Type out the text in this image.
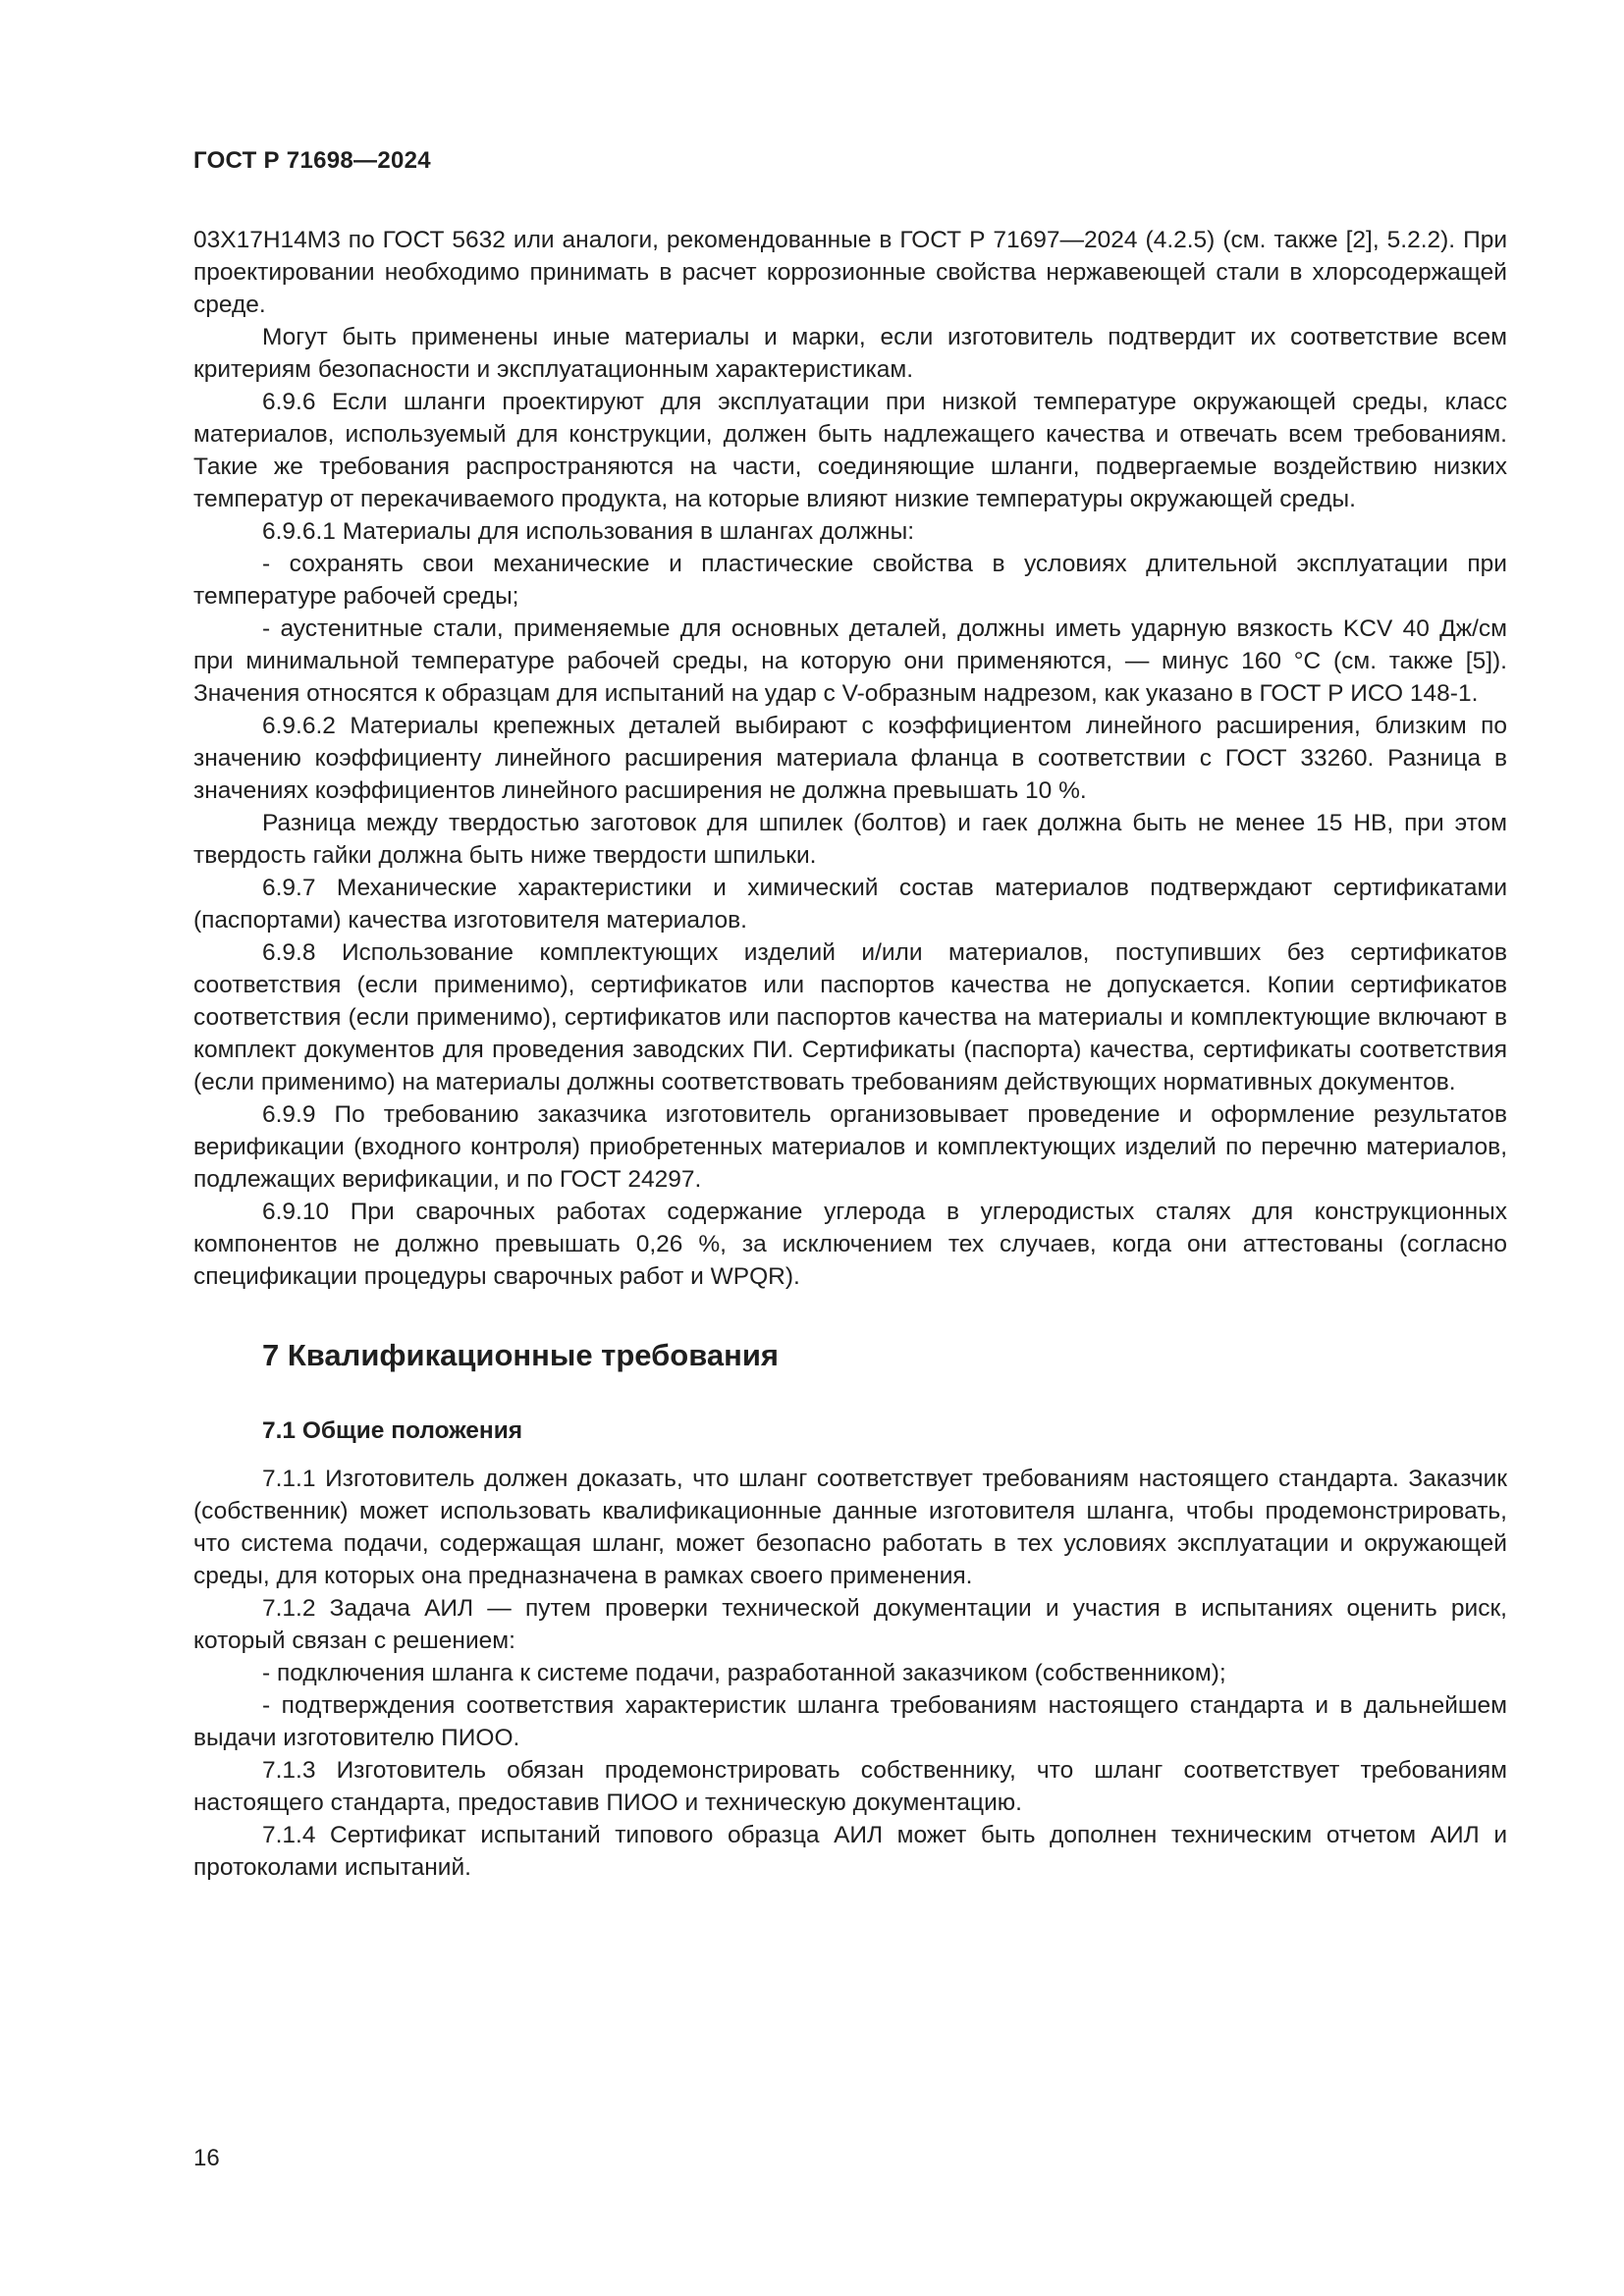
ГОСТ Р 71698—2024

03Х17Н14М3 по ГОСТ 5632 или аналоги, рекомендованные в ГОСТ Р 71697—2024 (4.2.5) (см. также [2], 5.2.2). При проектировании необходимо принимать в расчет коррозионные свойства нержавеющей стали в хлорсодержащей среде.

Могут быть применены иные материалы и марки, если изготовитель подтвердит их соответствие всем критериям безопасности и эксплуатационным характеристикам.

6.9.6 Если шланги проектируют для эксплуатации при низкой температуре окружающей среды, класс материалов, используемый для конструкции, должен быть надлежащего качества и отвечать всем требованиям. Такие же требования распространяются на части, соединяющие шланги, подвергаемые воздействию низких температур от перекачиваемого продукта, на которые влияют низкие температуры окружающей среды.

6.9.6.1 Материалы для использования в шлангах должны:

- сохранять свои механические и пластические свойства в условиях длительной эксплуатации при температуре рабочей среды;

- аустенитные стали, применяемые для основных деталей, должны иметь ударную вязкость KCV 40 Дж/см при минимальной температуре рабочей среды, на которую они применяются, — минус 160 °С (см. также [5]). Значения относятся к образцам для испытаний на удар с V-образным надрезом, как указано в ГОСТ Р ИСО 148-1.

6.9.6.2 Материалы крепежных деталей выбирают с коэффициентом линейного расширения, близким по значению коэффициенту линейного расширения материала фланца в соответствии с ГОСТ 33260. Разница в значениях коэффициентов линейного расширения не должна превышать 10 %.

Разница между твердостью заготовок для шпилек (болтов) и гаек должна быть не менее 15 НВ, при этом твердость гайки должна быть ниже твердости шпильки.

6.9.7 Механические характеристики и химический состав материалов подтверждают сертификатами (паспортами) качества изготовителя материалов.

6.9.8 Использование комплектующих изделий и/или материалов, поступивших без сертификатов соответствия (если применимо), сертификатов или паспортов качества не допускается. Копии сертификатов соответствия (если применимо), сертификатов или паспортов качества на материалы и комплектующие включают в комплект документов для проведения заводских ПИ. Сертификаты (паспорта) качества, сертификаты соответствия (если применимо) на материалы должны соответствовать требованиям действующих нормативных документов.

6.9.9 По требованию заказчика изготовитель организовывает проведение и оформление результатов верификации (входного контроля) приобретенных материалов и комплектующих изделий по перечню материалов, подлежащих верификации, и по ГОСТ 24297.

6.9.10 При сварочных работах содержание углерода в углеродистых сталях для конструкционных компонентов не должно превышать 0,26 %, за исключением тех случаев, когда они аттестованы (согласно спецификации процедуры сварочных работ и WPQR).

7 Квалификационные требования
7.1 Общие положения

7.1.1 Изготовитель должен доказать, что шланг соответствует требованиям настоящего стандарта. Заказчик (собственник) может использовать квалификационные данные изготовителя шланга, чтобы продемонстрировать, что система подачи, содержащая шланг, может безопасно работать в тех условиях эксплуатации и окружающей среды, для которых она предназначена в рамках своего применения.

7.1.2 Задача АИЛ — путем проверки технической документации и участия в испытаниях оценить риск, который связан с решением:

- подключения шланга к системе подачи, разработанной заказчиком (собственником);

- подтверждения соответствия характеристик шланга требованиям настоящего стандарта и в дальнейшем выдачи изготовителю ПИОО.

7.1.3 Изготовитель обязан продемонстрировать собственнику, что шланг соответствует требованиям настоящего стандарта, предоставив ПИОО и техническую документацию.

7.1.4 Сертификат испытаний типового образца АИЛ может быть дополнен техническим отчетом АИЛ и протоколами испытаний.

16
